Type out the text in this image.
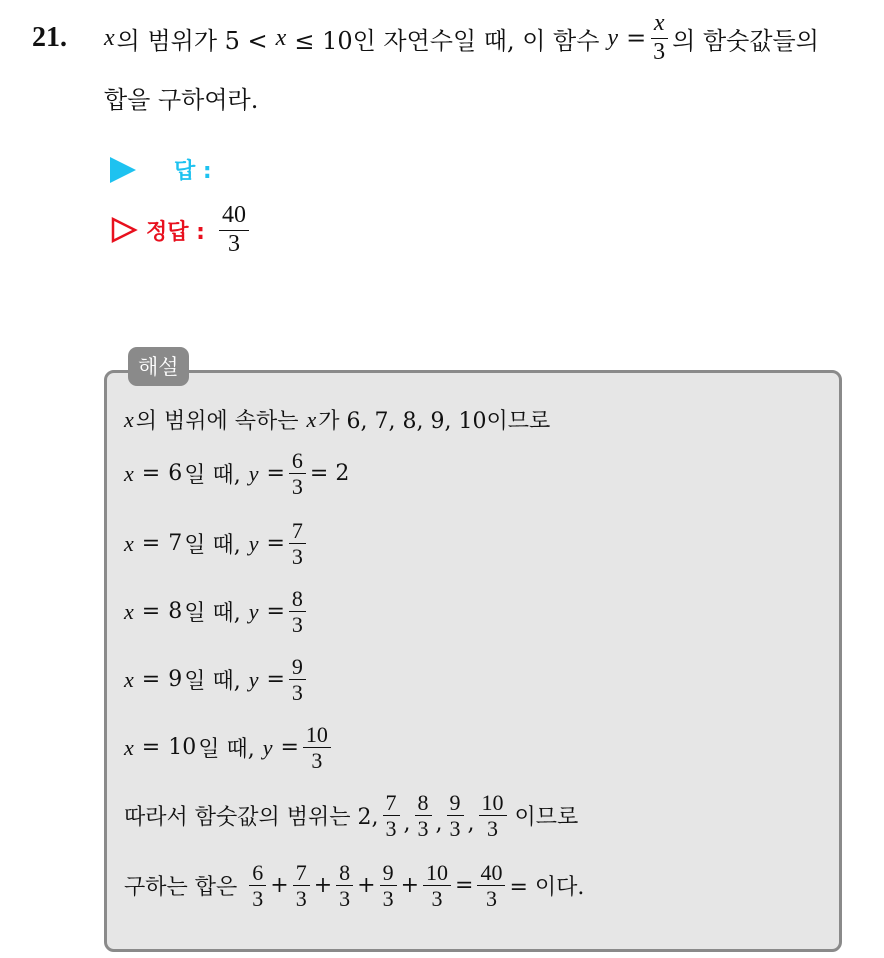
21. x 의 범위가 5 < x ≤ 10인 자연수일 때, 이 함수 $y = \frac{x}{3}$ 의 함숫값들의
합을 구하여라.
답 :
정답 : $\frac{40}{3}$
해설
x 의 범위에 속하는 x 가 6, 7, 8, 9, 10이므로
x = 6 일 때, $y = \frac{6}{3} = 2$
x = 7 일 때, $y = \frac{7}{3}$
x = 8 일 때, $y = \frac{8}{3}$
x = 9 일 때, $y = \frac{9}{3}$
x = 10 일 때, $y = \frac{10}{3}$
따라서 함숫값의 범위는 2, $\frac{7}{3}$ , $\frac{8}{3}$ , $\frac{9}{3}$ , $\frac{10}{3}$ 이므로
구하는 합은 $\frac{6}{3} + \frac{7}{3} + \frac{8}{3} + \frac{9}{3} + \frac{10}{3} = \frac{40}{3}$ = 이다.
